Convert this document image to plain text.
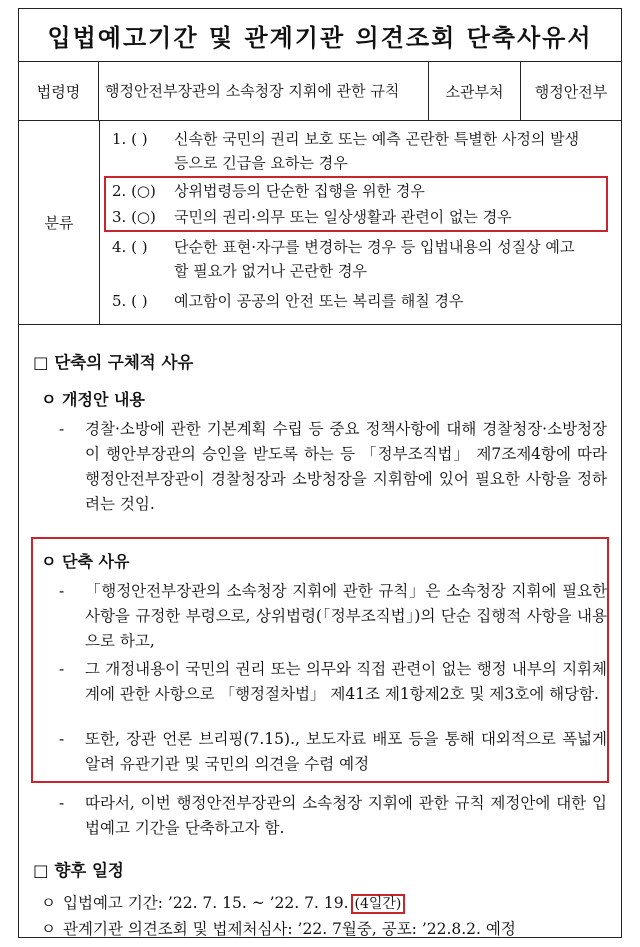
입법예고기간 및 관계기관 의견조회 단축사유서
법령명	행정안전부장관의 소속청장 지휘에 관한 규칙	소관부처	행정안전부
분류
1. ( ) 신속한 국민의 권리 보호 또는 예측 곤란한 특별한 사정의 발생 등으로 긴급을 요하는 경우
2. (○) 상위법령등의 단순한 집행을 위한 경우
3. (○) 국민의 권리·의무 또는 일상생활과 관련이 없는 경우
4. ( ) 단순한 표현·자구를 변경하는 경우 등 입법내용의 성질상 예고할 필요가 없거나 곤란한 경우
5. ( ) 예고함이 공공의 안전 또는 복리를 해칠 경우
□ 단축의 구체적 사유
ㅇ 개정안 내용
- 경찰·소방에 관한 기본계획 수립 등 중요 정책사항에 대해 경찰청장·소방청장이 행안부장관의 승인을 받도록 하는 등 「정부조직법」 제7조제4항에 따라 행정안전부장관이 경찰청장과 소방청장을 지휘함에 있어 필요한 사항을 정하려는 것임.
ㅇ 단축 사유
- 「행정안전부장관의 소속청장 지휘에 관한 규칙」은 소속청장 지휘에 필요한 사항을 규정한 부령으로, 상위법령(「정부조직법」)의 단순 집행적 사항을 내용으로 하고,
- 그 개정내용이 국민의 권리 또는 의무와 직접 관련이 없는 행정 내부의 지휘체계에 관한 사항으로 「행정절차법」 제41조 제1항제2호 및 제3호에 해당함.
- 또한, 장관 언론 브리핑(7.15)., 보도자료 배포 등을 통해 대외적으로 폭넓게 알려 유관기관 및 국민의 의견을 수렴 예정
- 따라서, 이번 행정안전부장관의 소속청장 지휘에 관한 규칙 제정안에 대한 입법예고 기간을 단축하고자 함.
□ 향후 일정
ㅇ 입법예고 기간: ’22. 7. 15. ~ ’22. 7. 19. (4일간)
ㅇ 관계기관 의견조회 및 법제처심사: ’22. 7월중, 공포: ’22.8.2. 예정
